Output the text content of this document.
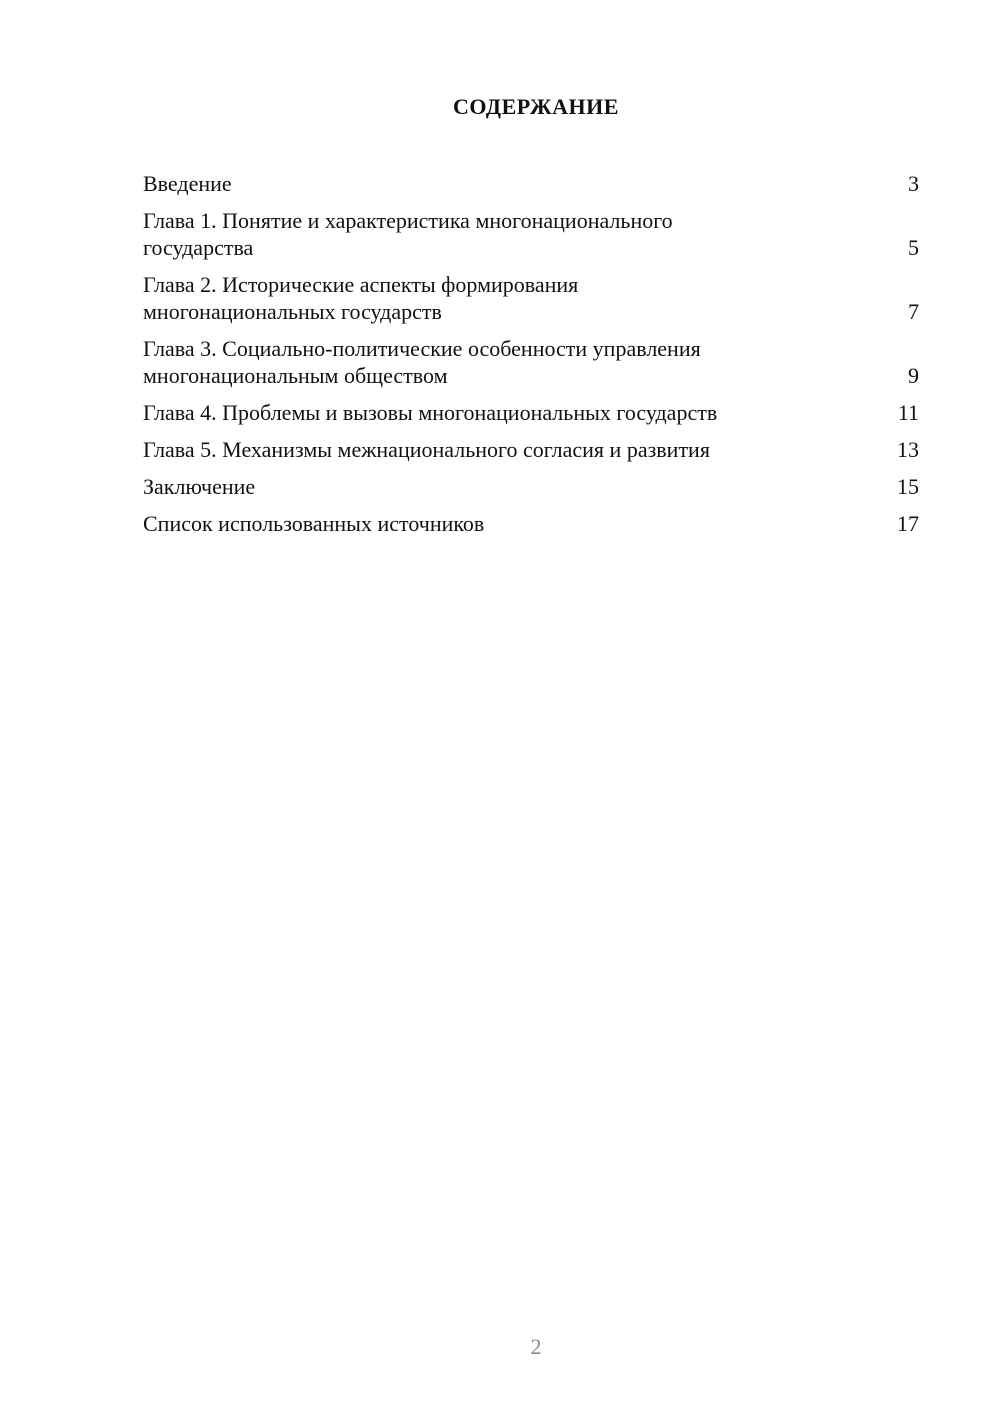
СОДЕРЖАНИЕ
Введение	3
Глава 1. Понятие и характеристика многонационального
государства	5
Глава 2. Исторические аспекты формирования
многонациональных государств	7
Глава 3. Социально-политические особенности управления
многонациональным обществом	9
Глава 4. Проблемы и вызовы многонациональных государств	11
Глава 5. Механизмы межнационального согласия и развития	13
Заключение	15
Список использованных источников	17
2
